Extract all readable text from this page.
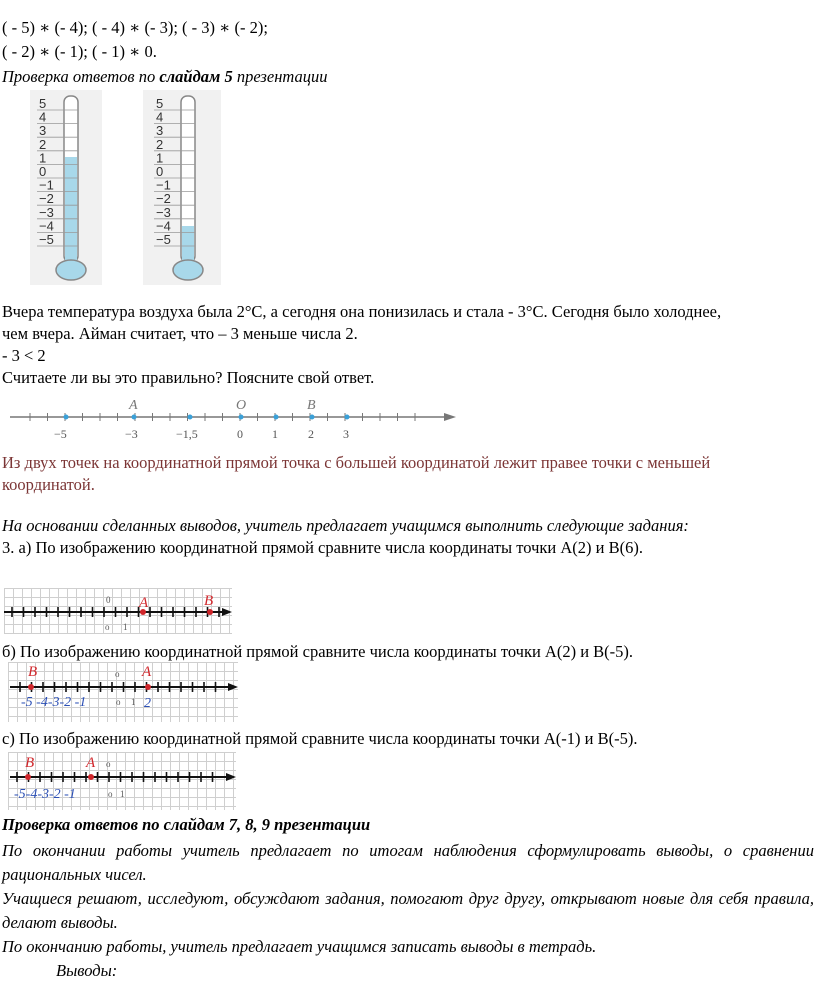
( - 5) ∗ (- 4); ( - 4) ∗ (- 3); ( - 3) ∗ (- 2);
( - 2) ∗ (- 1); ( - 1) ∗ 0.
Проверка ответов по слайдам 5 презентации
5
4
3
2
1
0
−1
−2
−3
−4
−5
5
4
3
2
1
0
−1
−2
−3
−4
−5
Вчера температура воздуха была 2°С, а сегодня она понизилась и стала - 3°С. Сегодня было холоднее,
чем вчера. Айман считает, что – 3 меньше числа 2.
- 3 < 2
Считаете ли вы это правильно? Поясните свой ответ.
A	O	B
−5	−3	−1,5	0 1	2 3
Из двух точек на координатной прямой точка с большей координатой лежит правее точки с меньшей
координатой.
На основании сделанных выводов, учитель предлагает учащимся выполнить следующие задания:
3. а) По изображению координатной прямой сравните числа координаты точки А(2) и В(6).
0
o 1
A	B
б) По изображению координатной прямой сравните числа координаты точки А(2) и В(-5).
B	A
o
-5 -4-3-2 -1	o 1 2
с) По изображению координатной прямой сравните числа координаты точки А(-1) и В(-5).
B	A o
-5-4-3-2 -1	o 1
Проверка ответов по слайдам 7, 8, 9 презентации
По окончании работы учитель предлагает по итогам наблюдения сформулировать выводы, о сравнении рациональных чисел.
Учащиеся решают, исследуют, обсуждают задания, помогают друг другу, открывают новые для себя правила, делают выводы.
По окончанию работы, учитель предлагает учащимся записать выводы в тетрадь.
Выводы:
